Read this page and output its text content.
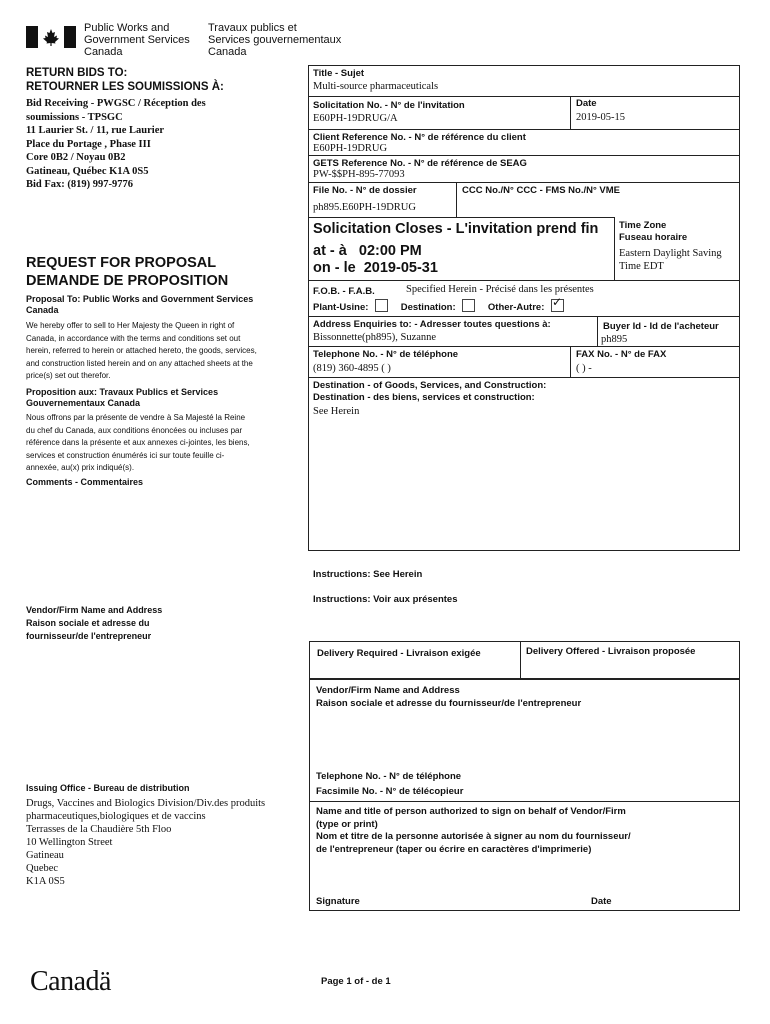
Public Works and
Government Services
Canada
Travaux publics et
Services gouvernementaux
Canada
RETURN BIDS TO:
RETOURNER LES SOUMISSIONS À:
Bid Receiving - PWGSC / Réception des
soumissions - TPSGC
11 Laurier St. / 11, rue Laurier
Place du Portage , Phase III
Core 0B2 / Noyau 0B2
Gatineau, Québec K1A 0S5
Bid Fax: (819) 997-9776
REQUEST FOR PROPOSAL
DEMANDE DE PROPOSITION
Proposal To: Public Works and Government Services Canada
We hereby offer to sell to Her Majesty the Queen in right of Canada, in accordance with the terms and conditions set out herein, referred to herein or attached hereto, the goods, services, and construction listed herein and on any attached sheets at the price(s) set out therefor.
Proposition aux: Travaux Publics et Services Gouvernementaux Canada
Nous offrons par la présente de vendre à Sa Majesté la Reine du chef du Canada, aux conditions énoncées ou incluses par référence dans la présente et aux annexes ci-jointes, les biens, services et construction énumérés ici sur toute feuille ci-annexée, au(x) prix indiqué(s).
Comments - Commentaires
Vendor/Firm Name and Address
Raison sociale et adresse du
fournisseur/de l'entrepreneur
Issuing Office - Bureau de distribution
Drugs, Vaccines and Biologics Division/Div.des produits
pharmaceutiques,biologiques et de vaccins
Terrasses de la Chaudière 5th Floo
10 Wellington Street
Gatineau
Quebec
K1A 0S5
Title - Sujet
Multi-source pharmaceuticals
Solicitation No. - N° de l'invitation
E60PH-19DRUG/A
Date
2019-05-15
Client Reference No. - N° de référence du client
E60PH-19DRUG
GETS Reference No. - N° de référence de SEAG
PW-$$PH-895-77093
File No. - N° de dossier
ph895.E60PH-19DRUG
CCC No./N° CCC - FMS No./N° VME
Solicitation Closes - L'invitation prend fin
at - à 02:00 PM
on - le 2019-05-31
Time Zone
Fuseau horaire
Eastern Daylight Saving
Time EDT
F.O.B. - F.A.B.	Specified Herein - Précisé dans les présentes
Plant-Usine:	Destination:	Other-Autre: ✓
Address Enquiries to: - Adresser toutes questions à:
Bissonnette(ph895), Suzanne
Buyer Id - Id de l'acheteur
ph895
Telephone No. - N° de téléphone
(819) 360-4895 ( )
FAX No. - N° de FAX
( ) -
Destination - of Goods, Services, and Construction:
Destination - des biens, services et construction:
See Herein
Instructions: See Herein
Instructions: Voir aux présentes
Delivery Required - Livraison exigée	Delivery Offered - Livraison proposée
Vendor/Firm Name and Address
Raison sociale et adresse du fournisseur/de l'entrepreneur
Telephone No. - N° de téléphone
Facsimile No. - N° de télécopieur
Name and title of person authorized to sign on behalf of Vendor/Firm
(type or print)
Nom et titre de la personne autorisée à signer au nom du fournisseur/
de l'entrepreneur (taper ou écrire en caractères d'imprimerie)
Signature	Date
Canadä	Page 1 of - de 1
